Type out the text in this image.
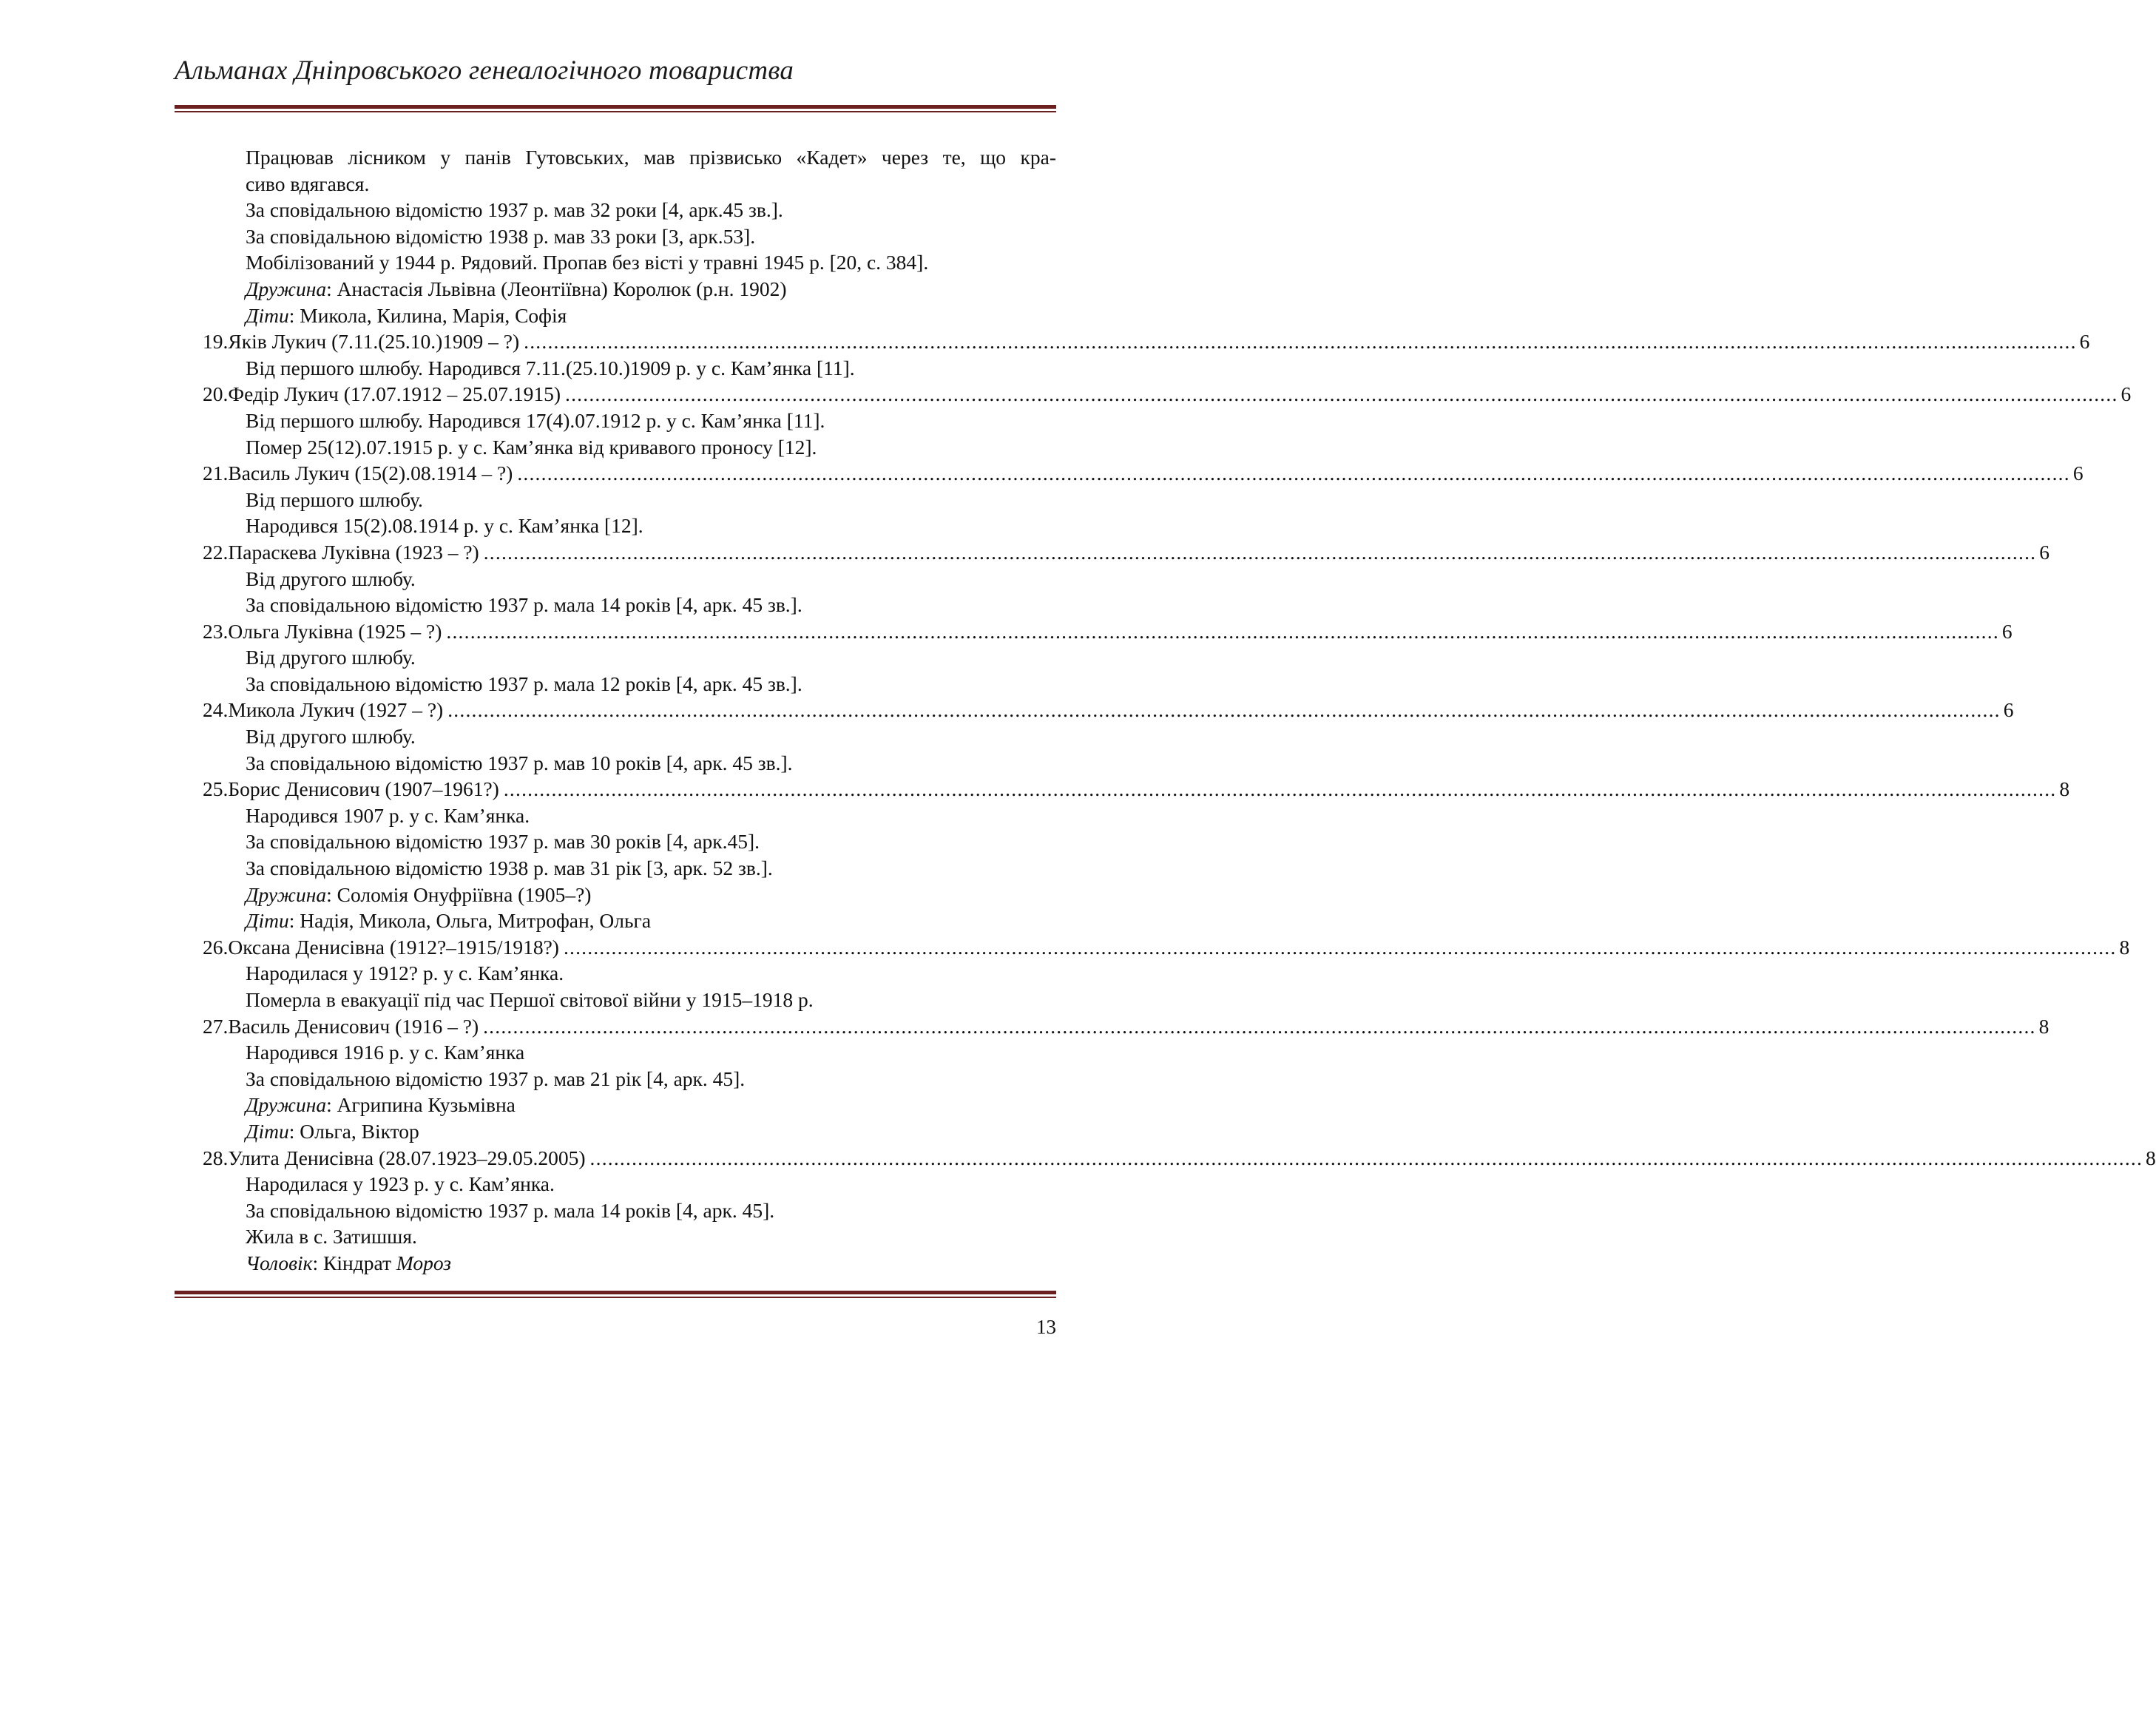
Альманах Дніпровського генеалогічного товариства
Працював лісником у панів Гутовських, мав прізвисько «Кадет» через те, що кра-
сиво вдягався.
За сповідальною відомістю 1937 р. мав 32 роки [4, арк.45 зв.].
За сповідальною відомістю 1938 р. мав 33 роки [3, арк.53].
Мобілізований у 1944 р. Рядовий. Пропав без вісті у травні 1945 р. [20, с. 384].
Дружина: Анастасія Львівна (Леонтіївна) Королюк (р.н. 1902)
Діти: Микола, Килина, Марія, Софія
19. Яків Лукич (7.11.(25.10.)1909 – ?) .................................................................................................................................................................................................................................................................... 6
Від першого шлюбу. Народився 7.11.(25.10.)1909 р. у с. Кам’янка [11].
20. Федір Лукич (17.07.1912 – 25.07.1915) .................................................................................................................................................................................................................................................................... 6
Від першого шлюбу. Народився 17(4).07.1912 р. у с. Кам’янка [11].
Помер 25(12).07.1915 р. у с. Кам’янка від кривавого проносу [12].
21. Василь Лукич (15(2).08.1914 – ?) .................................................................................................................................................................................................................................................................... 6
Від першого шлюбу.
Народився 15(2).08.1914 р. у с. Кам’янка [12].
22. Параскева Луківна (1923 – ?) .................................................................................................................................................................................................................................................................... 6
Від другого шлюбу.
За сповідальною відомістю 1937 р. мала 14 років [4, арк. 45 зв.].
23. Ольга Луківна (1925 – ?) .................................................................................................................................................................................................................................................................... 6
Від другого шлюбу.
За сповідальною відомістю 1937 р. мала 12 років [4, арк. 45 зв.].
24. Микола Лукич (1927 – ?) .................................................................................................................................................................................................................................................................... 6
Від другого шлюбу.
За сповідальною відомістю 1937 р. мав 10 років [4, арк. 45 зв.].
25. Борис Денисович (1907–1961?) .................................................................................................................................................................................................................................................................... 8
Народився 1907 р. у с. Кам’янка.
За сповідальною відомістю 1937 р. мав 30 років [4, арк.45].
За сповідальною відомістю 1938 р. мав 31 рік [3, арк. 52 зв.].
Дружина: Соломія Онуфріївна (1905–?)
Діти: Надія, Микола, Ольга, Митрофан, Ольга
26. Оксана Денисівна (1912?–1915/1918?) .................................................................................................................................................................................................................................................................... 8
Народилася у 1912? р. у с. Кам’янка.
Померла в евакуації під час Першої світової війни у 1915–1918 р.
27. Василь Денисович (1916 – ?) .................................................................................................................................................................................................................................................................... 8
Народився 1916 р. у с. Кам’янка
За сповідальною відомістю 1937 р. мав 21 рік [4, арк. 45].
Дружина: Агрипина Кузьмівна
Діти: Ольга, Віктор
28. Улита Денисівна (28.07.1923–29.05.2005) .................................................................................................................................................................................................................................................................... 8
Народилася у 1923 р. у с. Кам’янка.
За сповідальною відомістю 1937 р. мала 14 років [4, арк. 45].
Жила в с. Затишшя.
Чоловік: Кіндрат Мороз
13
